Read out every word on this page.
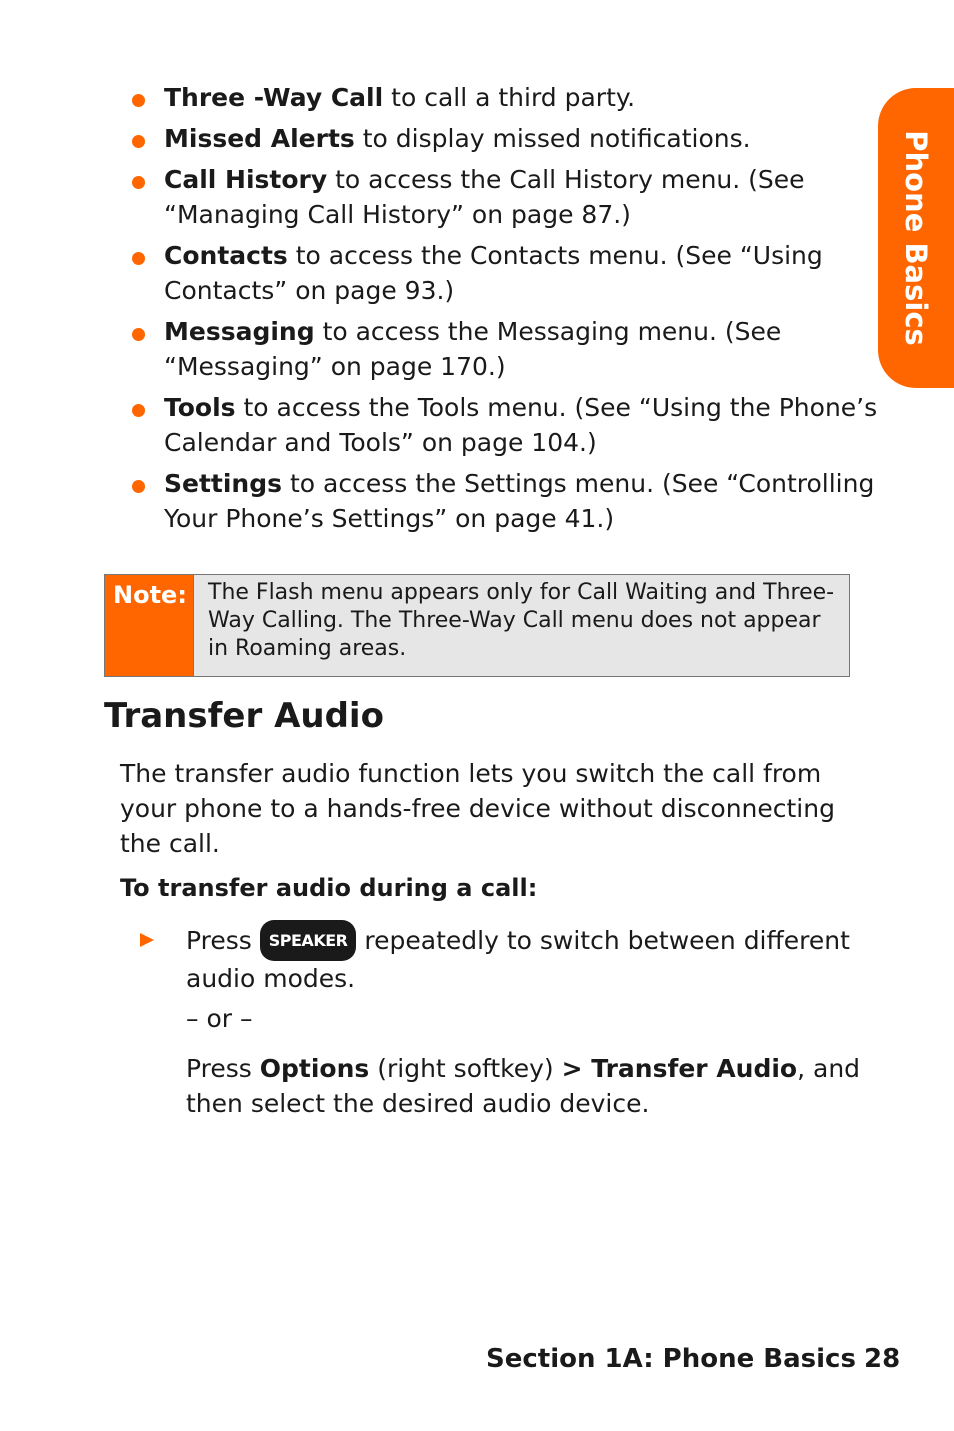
Phone Basics
Three -Way Call to call a third party.
Missed Alerts to display missed notifications.
Call History to access the Call History menu. (See “Managing Call History” on page 87.)
Contacts to access the Contacts menu. (See “Using Contacts” on page 93.)
Messaging to access the Messaging menu. (See “Messaging” on page 170.)
Tools to access the Tools menu. (See “Using the Phone’s Calendar and Tools” on page 104.)
Settings to access the Settings menu. (See “Controlling Your Phone’s Settings” on page 41.)
Note: The Flash menu appears only for Call Waiting and Three-Way Calling. The Three-Way Call menu does not appear in Roaming areas.
Transfer Audio

The transfer audio function lets you switch the call from your phone to a hands-free device without disconnecting the call.

To transfer audio during a call:

Press SPEAKER repeatedly to switch between different audio modes.

– or –

Press Options (right softkey) > Transfer Audio, and then select the desired audio device.

Section 1A: Phone Basics 28
